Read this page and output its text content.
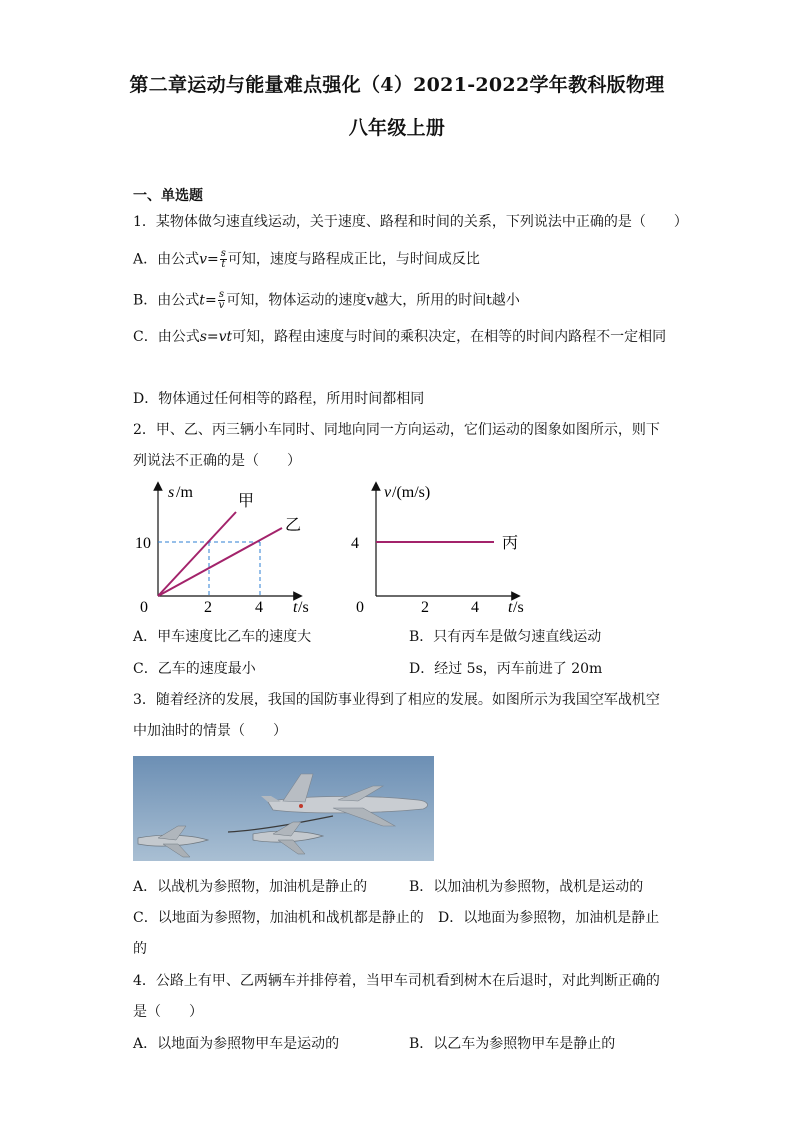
第二章运动与能量难点强化（4）2021-2022学年教科版物理
八年级上册
一、单选题
1．某物体做匀速直线运动，关于速度、路程和时间的关系，下列说法中正确的是（　　）
A．由公式$v= \frac{s}{t}$ 可知，速度与路程成正比，与时间成反比
B．由公式$t= \frac{s}{v}$ 可知，物体运动的速度v越大，所用的时间t越小
C．由公式s=vt可知，路程由速度与时间的乘积决定，在相等的时间内路程不一定相同
D．物体通过任何相等的路程，所用时间都相同
2．甲、乙、丙三辆小车同时、同地向同一方向运动，它们运动的图象如图所示，则下
列说法不正确的是（　　）
s /m
甲
乙
10
0	2	4 t /s
v /(m/s)
丙
4
0	2	4 t /s
A．甲车速度比乙车的速度大	B．只有丙车是做匀速直线运动
C．乙车的速度最小	D．经过 5s，丙车前进了 20m
3．随着经济的发展，我国的国防事业得到了相应的发展。如图所示为我国空军战机空
中加油时的情景（　　）
A．以战机为参照物，加油机是静止的	B．以加油机为参照物，战机是运动的
C．以地面为参照物，加油机和战机都是静止的 D．以地面为参照物，加油机是静止
的
4．公路上有甲、乙两辆车并排停着，当甲车司机看到树木在后退时，对此判断正确的
是（　　）
A．以地面为参照物甲车是运动的	B．以乙车为参照物甲车是静止的
